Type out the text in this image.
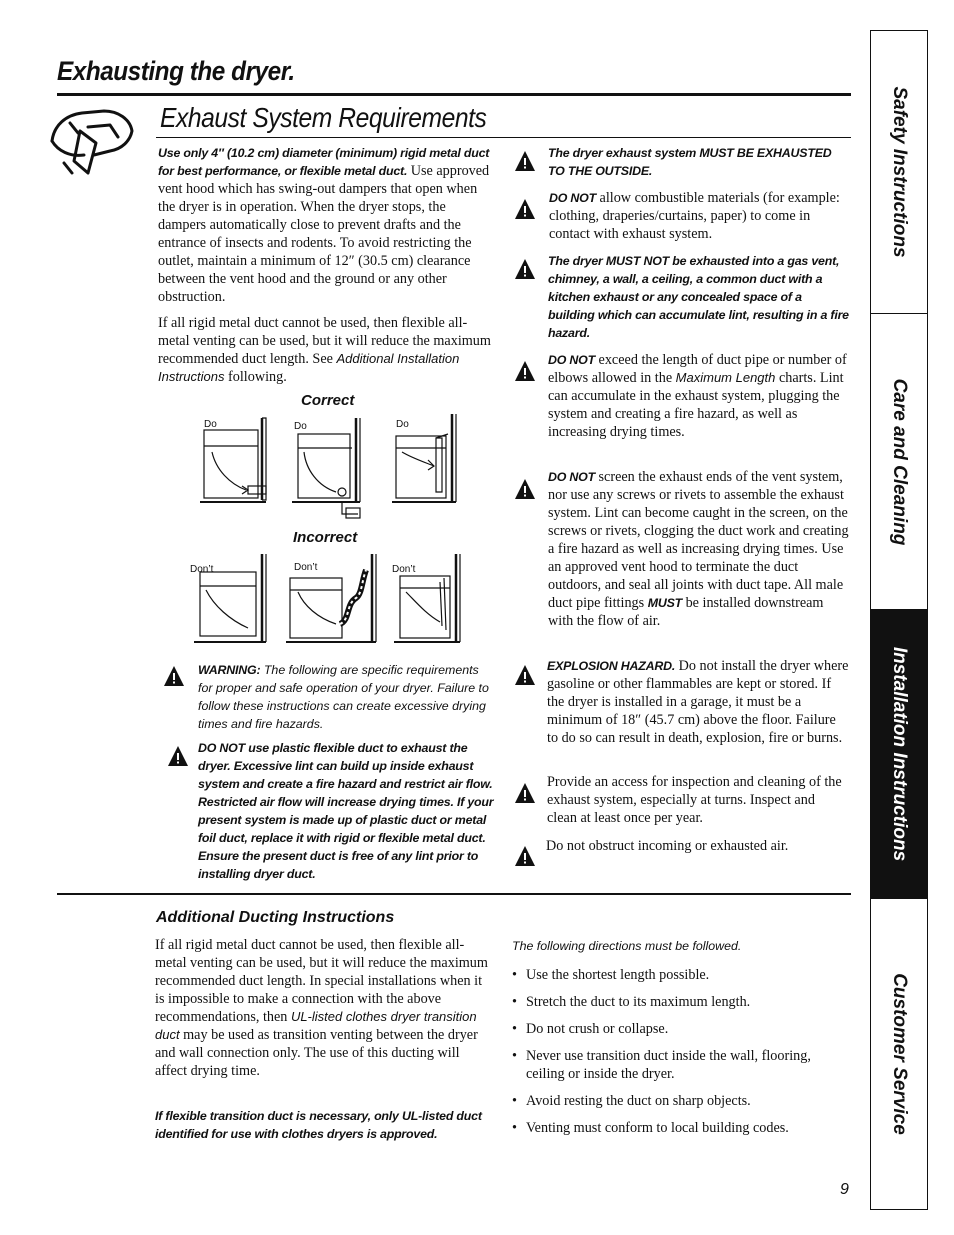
Exhausting the dryer.
Exhaust System Requirements
Use only 4″ (10.2 cm) diameter (minimum) rigid metal duct for best performance, or flexible metal duct. Use approved vent hood which has swing-out dampers that open when the dryer is in operation. When the dryer stops, the dampers automatically close to prevent drafts and the entrance of insects and rodents. To avoid restricting the outlet, maintain a minimum of 12″ (30.5 cm) clearance between the vent hood and the ground or any other obstruction.
If all rigid metal duct cannot be used, then flexible all-metal venting can be used, but it will reduce the maximum recommended duct length. See Additional Installation Instructions following.
Correct
Do	Do	Do
Incorrect
Don’t	Don’t	Don’t
WARNING: The following are specific requirements for proper and safe operation of your dryer. Failure to follow these instructions can create excessive drying times and fire hazards.
DO NOT use plastic flexible duct to exhaust the dryer. Excessive lint can build up inside exhaust system and create a fire hazard and restrict air flow. Restricted air flow will increase drying times. If your present system is made up of plastic duct or metal foil duct, replace it with rigid or flexible metal duct. Ensure the present duct is free of any lint prior to installing dryer duct.
The dryer exhaust system MUST BE EXHAUSTED TO THE OUTSIDE.
DO NOT allow combustible materials (for example: clothing, draperies/curtains, paper) to come in contact with exhaust system.
The dryer MUST NOT be exhausted into a gas vent, chimney, a wall, a ceiling, a common duct with a kitchen exhaust or any concealed space of a building which can accumulate lint, resulting in a fire hazard.
DO NOT exceed the length of duct pipe or number of elbows allowed in the Maximum Length charts. Lint can accumulate in the exhaust system, plugging the system and creating a fire hazard, as well as increasing drying times.
DO NOT screen the exhaust ends of the vent system, nor use any screws or rivets to assemble the exhaust system. Lint can become caught in the screen, on the screws or rivets, clogging the duct work and creating a fire hazard as well as increasing drying times. Use an approved vent hood to terminate the duct outdoors, and seal all joints with duct tape. All male duct pipe fittings MUST be installed downstream with the flow of air.
EXPLOSION HAZARD. Do not install the dryer where gasoline or other flammables are kept or stored. If the dryer is installed in a garage, it must be a minimum of 18″ (45.7 cm) above the floor. Failure to do so can result in death, explosion, fire or burns.
Provide an access for inspection and cleaning of the exhaust system, especially at turns. Inspect and clean at least once per year.
Do not obstruct incoming or exhausted air.
Additional Ducting Instructions
If all rigid metal duct cannot be used, then flexible all-metal venting can be used, but it will reduce the maximum recommended duct length. In special installations when it is impossible to make a connection with the above recommendations, then UL-listed clothes dryer transition duct may be used as transition venting between the dryer and wall connection only. The use of this ducting will affect drying time.
If flexible transition duct is necessary, only UL-listed duct identified for use with clothes dryers is approved.
The following directions must be followed.
• Use the shortest length possible.
• Stretch the duct to its maximum length.
• Do not crush or collapse.
• Never use transition duct inside the wall, flooring, ceiling or inside the dryer.
• Avoid resting the duct on sharp objects.
• Venting must conform to local building codes.
9
Safety Instructions
Care and Cleaning
Installation Instructions
Customer Service
